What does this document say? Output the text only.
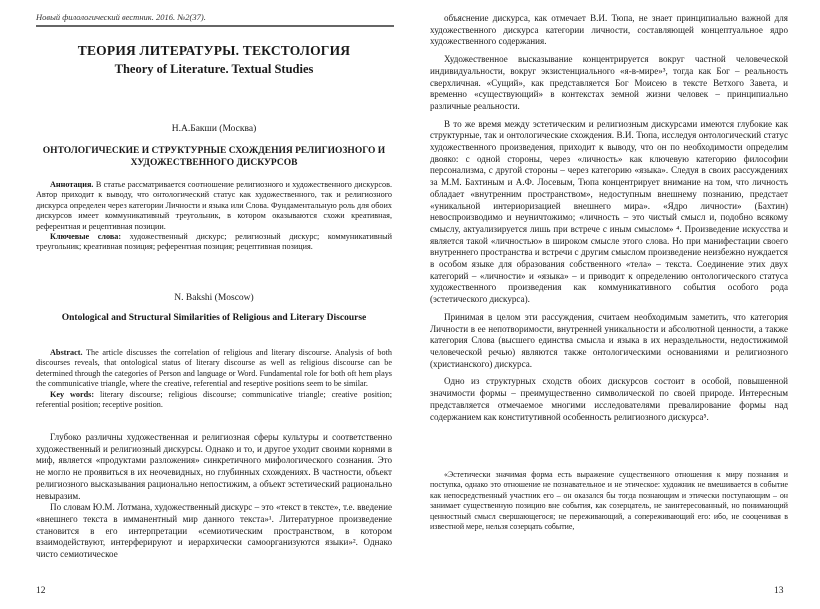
Новый филологический вестник. 2016. №2(37).
ТЕОРИЯ ЛИТЕРАТУРЫ. ТЕКСТОЛОГИЯ
Theory of Literature. Textual Studies
Н.А.Бакши (Москва)
ОНТОЛОГИЧЕСКИЕ И СТРУКТУРНЫЕ СХОЖДЕНИЯ РЕЛИГИОЗНОГО И ХУДОЖЕСТВЕННОГО ДИСКУРСОВ

Аннотация. В статье рассматривается соотношение религиозного и художественного дискурсов. Автор приходит к выводу, что онтологический статус как художественного, так и религиозного дискурса определен через категории Личности и языка или Слова. Фундаментальную роль для обоих дискурсов имеет коммуникативный треугольник, в котором оказываются схожи креативная, референтная и рецептивная позиции.

Ключевые слова: художественный дискурс; религиозный дискурс; коммуникативный треугольник; креативная позиция; референтная позиция; рецептивная позиция.

N. Bakshi (Moscow)
Ontological and Structural Similarities of Religious and Literary Discourse

Abstract. The article discusses the correlation of religious and literary discourse. Analysis of both discourses reveals, that ontological status of literary discourse as well as religious discourse can be determined through the categories of Person and language or Word. Fundamental role for both oft hem plays the communicative triangle, where the creative, referential and reseptive positions seem to be similar.

Key words: literary discourse; religious discourse; communicative triangle; creative position; referential position; receptive position.

Глубоко различны художественная и религиозная сферы культуры и соответственно художественный и религиозный дискурсы. Однако и то, и другое уходит своими корнями в миф, является «продуктами разложения» синкретичного мифологического сознания. Это не могло не проявиться в их неочевидных, но глубинных схождениях. В частности, объект религиозного высказывания рационально непостижим, а объект эстетический рационально невыразим.

По словам Ю.М. Лотмана, художественный дискурс – это «текст в тексте», т.е. введение «внешнего текста в имманентный мир данного текста»¹. Литературное произведение становится в его интерпретации «семиотическим пространством, в котором взаимодействуют, интерферируют и иерархически самоорганизуются языки»². Однако чисто семиотическое

12

объяснение дискурса, как отмечает В.И. Тюпа, не знает принципиально важной для художественного дискурса категории личности, составляющей концептуальное ядро художественного содержания.

Художественное высказывание концентрируется вокруг частной человеческой индивидуальности, вокруг экзистенциального «я-в-мире»³, тогда как Бог – реальность сверхличная. «Сущий», как представляется Бог Моисею в тексте Ветхого Завета, и временно «существующий» в контекстах земной жизни человек – принципиально различные реальности.

В то же время между эстетическим и религиозным дискурсами имеются глубокие как структурные, так и онтологические схождения. В.И. Тюпа, исследуя онтологический статус художественного произведения, приходит к выводу, что он по необходимости определим двояко: с одной стороны, через «личность» как ключевую категорию философии персонализма, с другой стороны – через категорию «языка». Следуя в своих рассуждениях за М.М. Бахтиным и А.Ф. Лосевым, Тюпа концентрирует внимание на том, что личность обладает «внутренним пространством», недоступным внешнему познанию, предстает «уникальной интериоризацией внешнего мира». «Ядро личности» (Бахтин) невоспроизводимо и неуничтожимо; «личность – это чистый смысл и, подобно всякому смыслу, актуализируется лишь при встрече с иным смыслом» ⁴. Произведение искусства и является такой «личностью» в широком смысле этого слова. Но при манифестации своего внутреннего пространства и встречи с другим смыслом произведение неизбежно нуждается в особом языке для образования собственного «тела» – текста. Соединение этих двух категорий – «личности» и «языка» – и приводит к определению онтологического статуса художественного произведения как коммуникативного события особого рода (эстетического дискурса).

Принимая в целом эти рассуждения, считаем необходимым заметить, что категория Личности в ее непотворимости, внутренней уникальности и абсолютной ценности, а также категория Слова (высшего единства смысла и языка в их нераздельности, недостижимой человеческой речью) являются также онтологическими основаниями и религиозного (христианского) дискурса.

Одно из структурных сходств обоих дискурсов состоит в особой, повышенной значимости формы – преимущественно символической по своей природе. Интересным представляется отмечаемое многими исследователями превалирование формы над содержанием как конститутивной особенность религиозного дискурса⁵.

«Эстетически значимая форма есть выражение существенного отношения к миру познания и поступка, однако это отношение не познавательное и не этическое: художник не вмешивается в событие как непосредственный участник его – он оказался бы тогда познающим и этически поступающим – он занимает существенную позицию вне события, как созерцатель, не заинтересованный, но понимающий ценностный смысл свершающегося; не переживающий, а сопереживающий его: ибо, не сооценивая в известной мере, нельзя созерцать событие,

13
